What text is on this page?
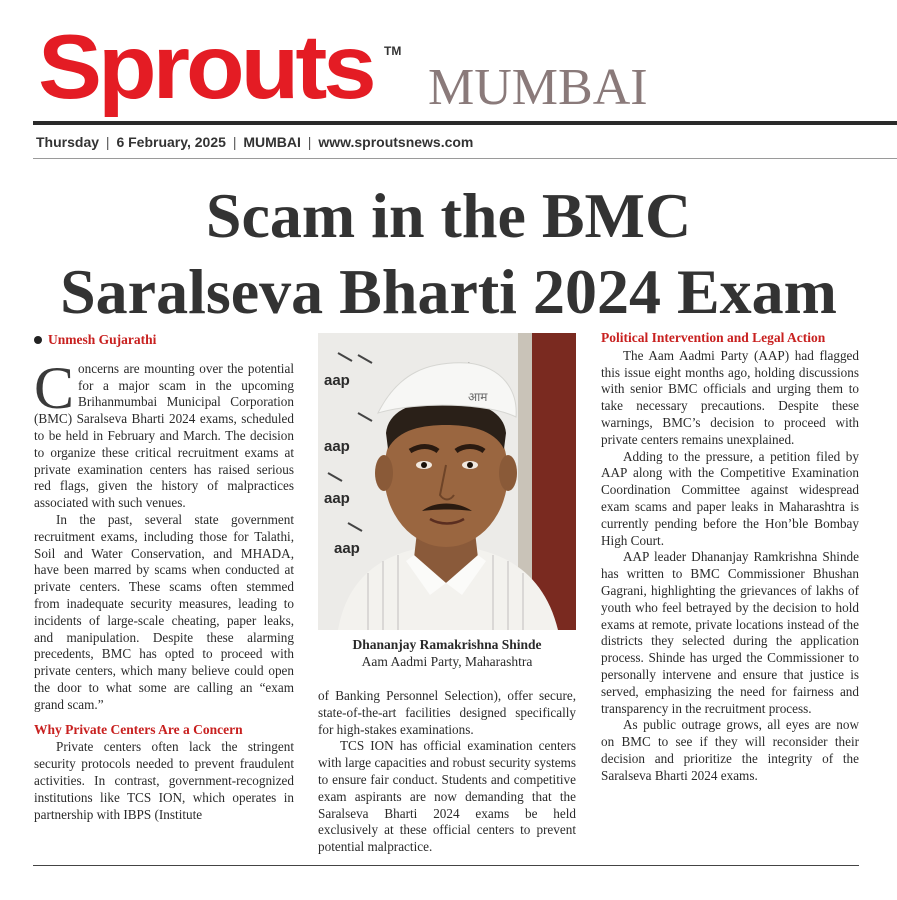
Sprouts TM
MUMBAI
Thursday | 6 February, 2025 | MUMBAI | www.sproutsnews.com
Scam in the BMC
Saralseva Bharti 2024 Exam
Unmesh Gujarathi

Concerns are mounting over the potential for a major scam in the upcoming Brihanmumbai Municipal Corporation (BMC) Saralseva Bharti 2024 exams, scheduled to be held in February and March. The decision to organize these critical recruitment exams at private examination centers has raised serious red flags, given the history of malpractices associated with such venues.

In the past, several state government recruitment exams, including those for Talathi, Soil and Water Conservation, and MHADA, have been marred by scams when conducted at private centers. These scams often stemmed from inadequate security measures, leading to incidents of large-scale cheating, paper leaks, and manipulation. Despite these alarming precedents, BMC has opted to proceed with private centers, which many believe could open the door to what some are calling an “exam grand scam.”

Why Private Centers Are a Concern

Private centers often lack the stringent security protocols needed to prevent fraudulent activities. In contrast, government-recognized institutions like TCS ION, which operates in partnership with IBPS (Institute

aap
aap
aap
aap
आम
Dhananjay Ramakrishna Shinde
Aam Aadmi Party, Maharashtra

of Banking Personnel Selection), offer secure, state-of-the-art facilities designed specifically for high-stakes examinations.

TCS ION has official examination centers with large capacities and robust security systems to ensure fair conduct. Students and competitive exam aspirants are now demanding that the Saralseva Bharti 2024 exams be held exclusively at these official centers to prevent potential malpractice.

Political Intervention and Legal Action

The Aam Aadmi Party (AAP) had flagged this issue eight months ago, holding discussions with senior BMC officials and urging them to take necessary precautions. Despite these warnings, BMC’s decision to proceed with private centers remains unexplained.

Adding to the pressure, a petition filed by AAP along with the Competitive Examination Coordination Committee against widespread exam scams and paper leaks in Maharashtra is currently pending before the Hon’ble Bombay High Court.

AAP leader Dhananjay Ramkrishna Shinde has written to BMC Commissioner Bhushan Gagrani, highlighting the grievances of lakhs of youth who feel betrayed by the decision to hold exams at remote, private locations instead of the districts they selected during the application process. Shinde has urged the Commissioner to personally intervene and ensure that justice is served, emphasizing the need for fairness and transparency in the recruitment process.

As public outrage grows, all eyes are now on BMC to see if they will reconsider their decision and prioritize the integrity of the Saralseva Bharti 2024 exams.
